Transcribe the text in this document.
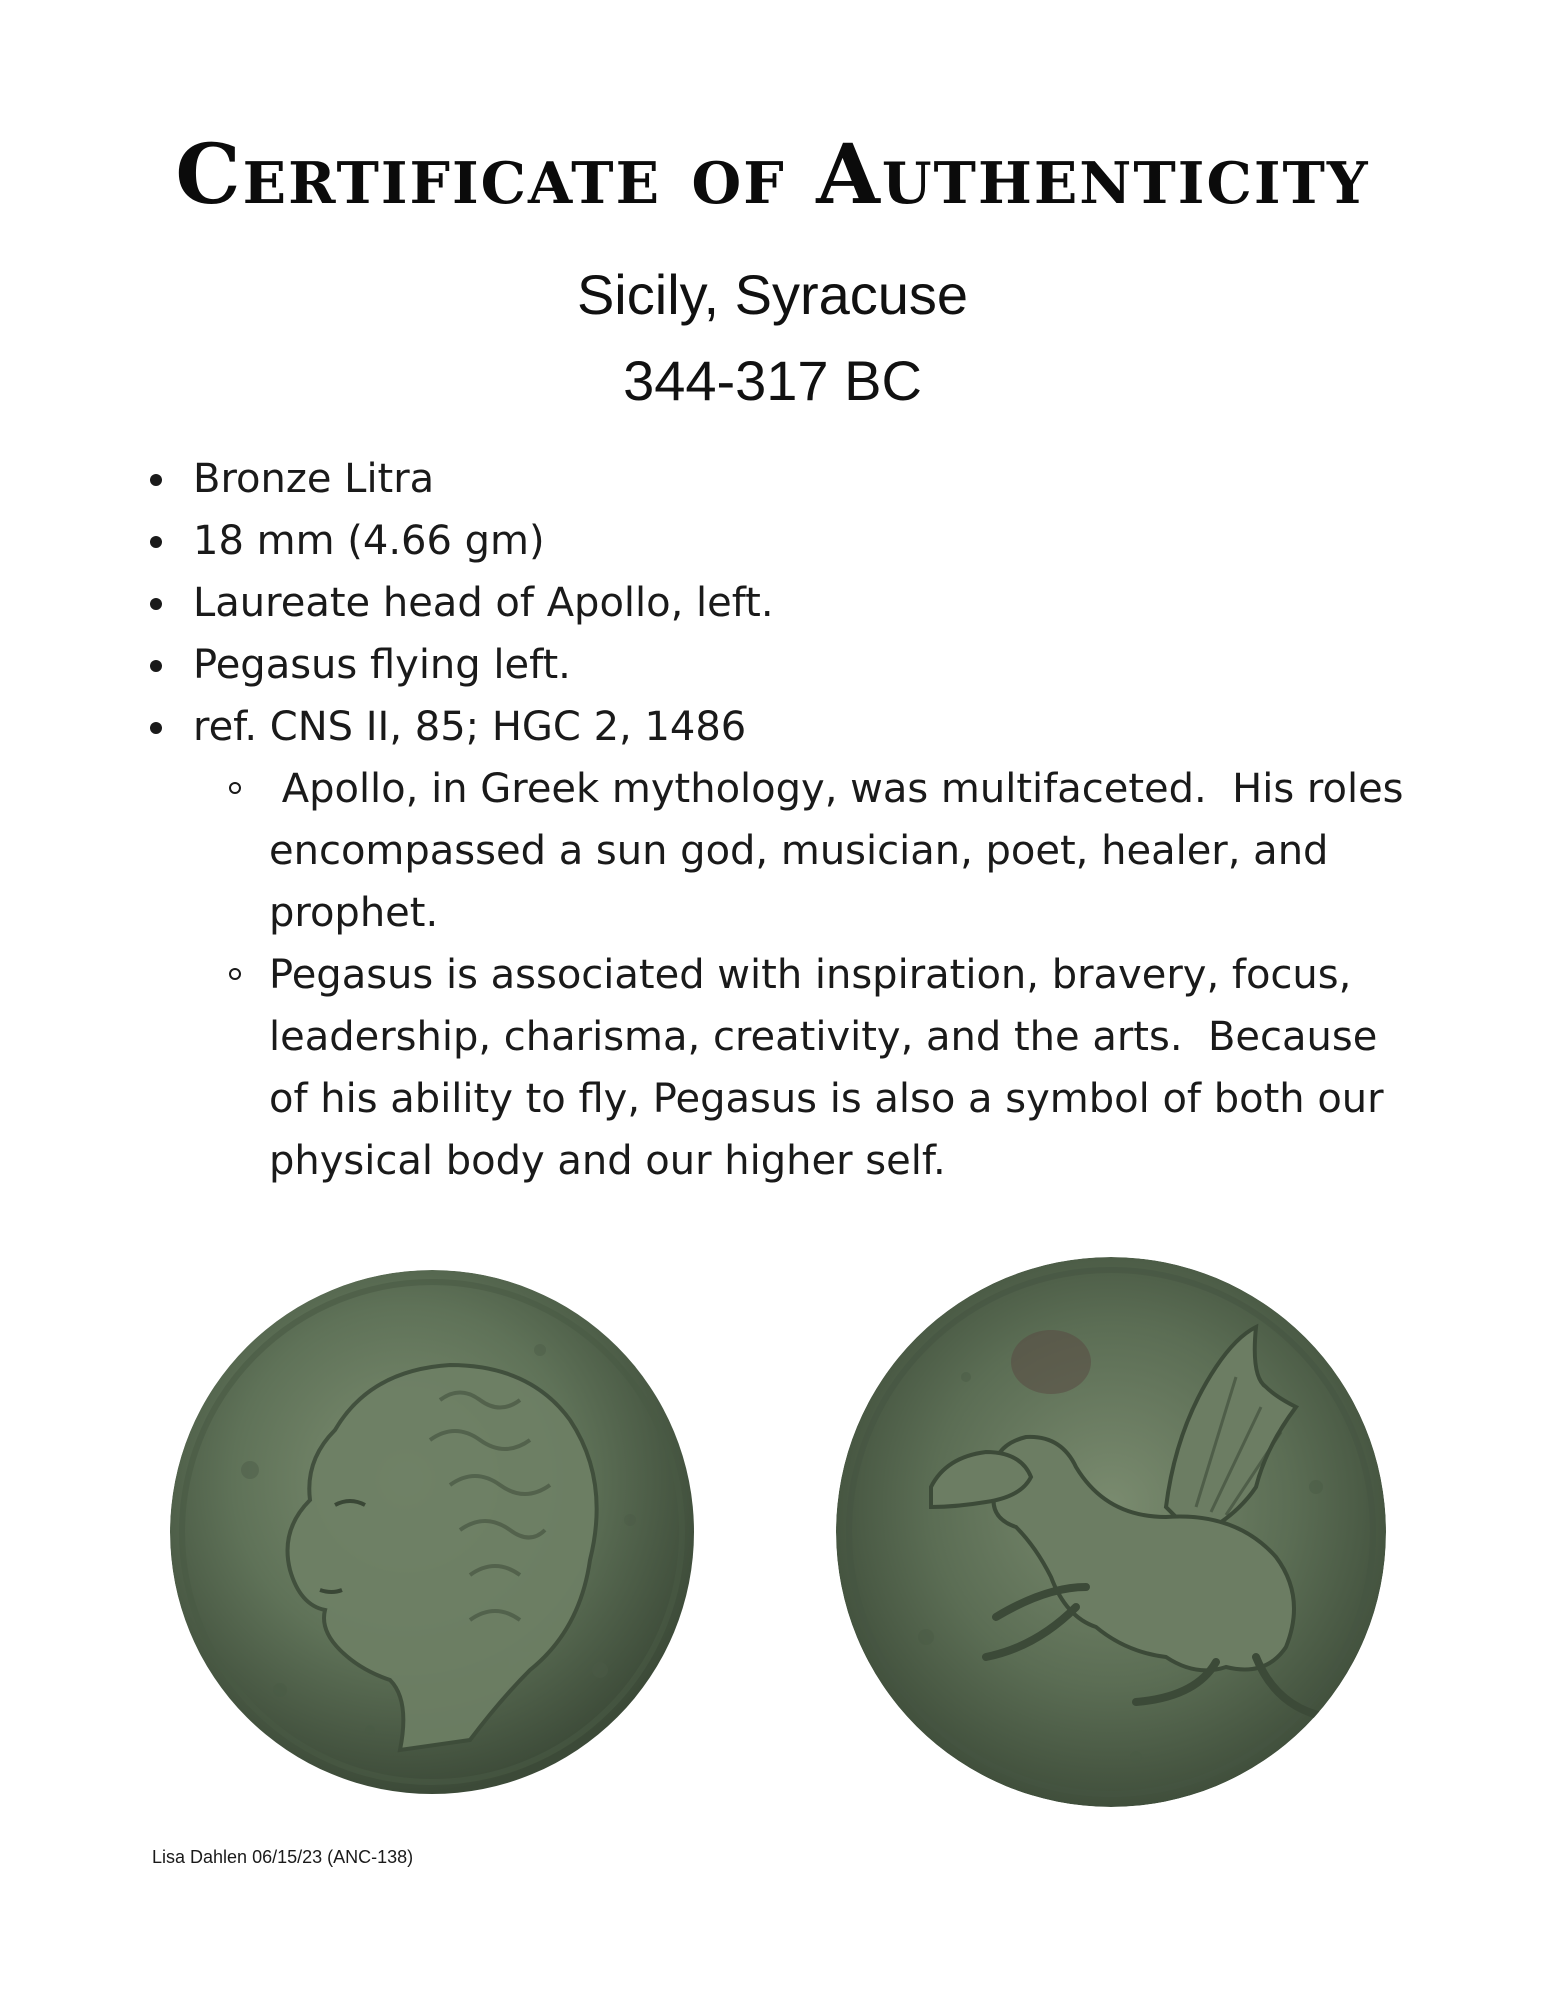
Certificate of Authenticity
Sicily, Syracuse
344-317 BC
Bronze Litra
18 mm (4.66 gm)
Laureate head of Apollo, left.
Pegasus flying left.
ref. CNS II, 85; HGC 2, 1486
Apollo, in Greek mythology, was multifaceted.  His roles encompassed a sun god, musician, poet, healer, and prophet.
Pegasus is associated with inspiration, bravery, focus, leadership, charisma, creativity, and the arts.  Because of his ability to fly, Pegasus is also a symbol of both our physical body and our higher self.
Lisa Dahlen 06/15/23 (ANC-138)
